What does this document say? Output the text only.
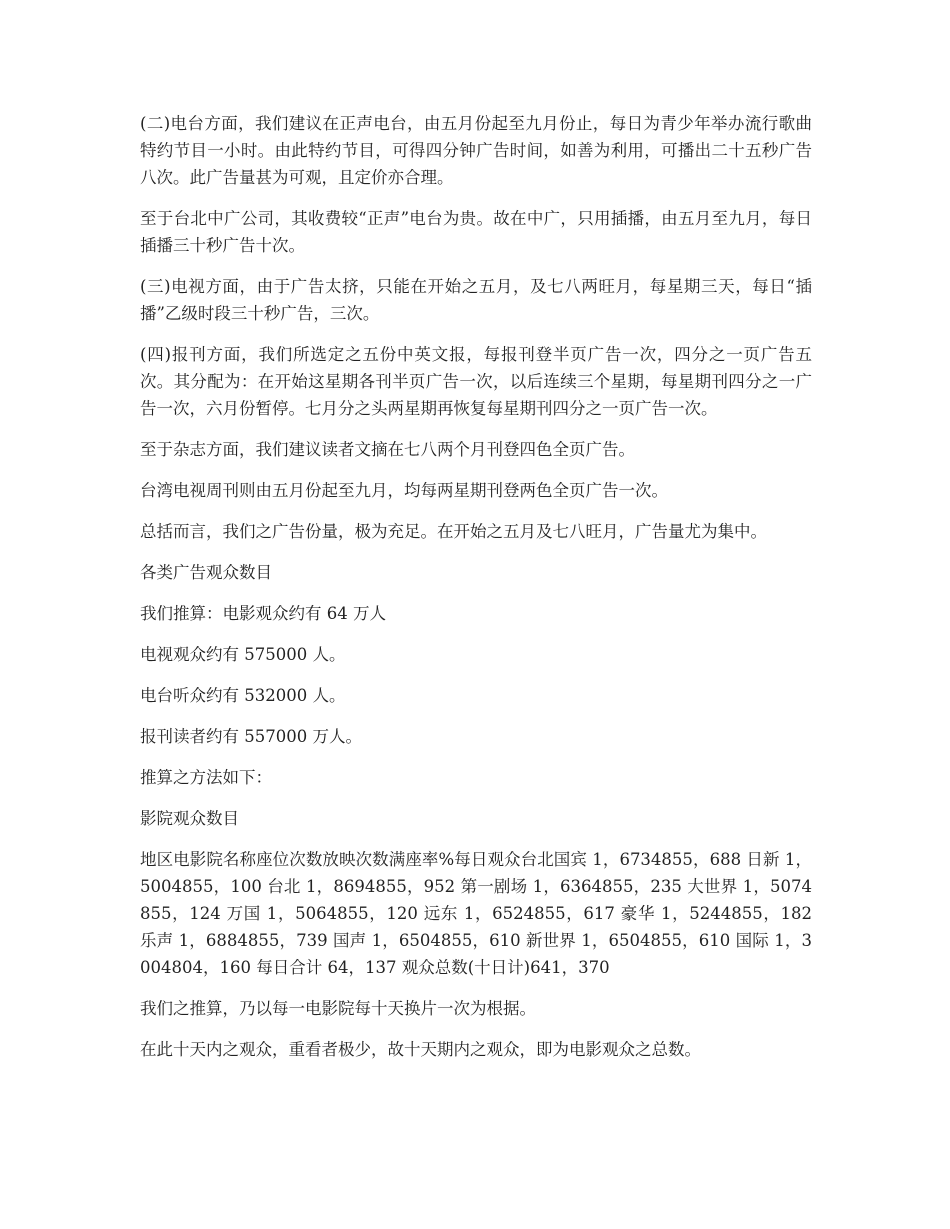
(二)电台方面，我们建议在正声电台，由五月份起至九月份止，每日为青少年举办流行歌曲特约节目一小时。由此特约节目，可得四分钟广告时间，如善为利用，可播出二十五秒广告八次。此广告量甚为可观，且定价亦合理。

至于台北中广公司，其收费较“正声”电台为贵。故在中广，只用插播，由五月至九月，每日插播三十秒广告十次。

(三)电视方面，由于广告太挤，只能在开始之五月，及七八两旺月，每星期三天，每日“插播”乙级时段三十秒广告，三次。

(四)报刊方面，我们所选定之五份中英文报，每报刊登半页广告一次，四分之一页广告五次。其分配为：在开始这星期各刊半页广告一次，以后连续三个星期，每星期刊四分之一广告一次，六月份暂停。七月分之头两星期再恢复每星期刊四分之一页广告一次。

至于杂志方面，我们建议读者文摘在七八两个月刊登四色全页广告。

台湾电视周刊则由五月份起至九月，均每两星期刊登两色全页广告一次。

总括而言，我们之广告份量，极为充足。在开始之五月及七八旺月，广告量尤为集中。

各类广告观众数目

我们推算：电影观众约有 64 万人

电视观众约有 575000 人。

电台听众约有 532000 人。

报刊读者约有 557000 万人。

推算之方法如下：

影院观众数目

地区电影院名称座位次数放映次数满座率%每日观众台北国宾 1，6734855，688 日新 1，5004855，100 台北 1，8694855，952 第一剧场 1，6364855，235 大世界 1，5074855，124 万国 1，5064855，120 远东 1，6524855，617 豪华 1，5244855，182 乐声 1，6884855，739 国声 1，6504855，610 新世界 1，6504855，610 国际 1，3004804，160 每日合计 64，137 观众总数(十日计)641，370

我们之推算，乃以每一电影院每十天换片一次为根据。

在此十天内之观众，重看者极少，故十天期内之观众，即为电影观众之总数。
